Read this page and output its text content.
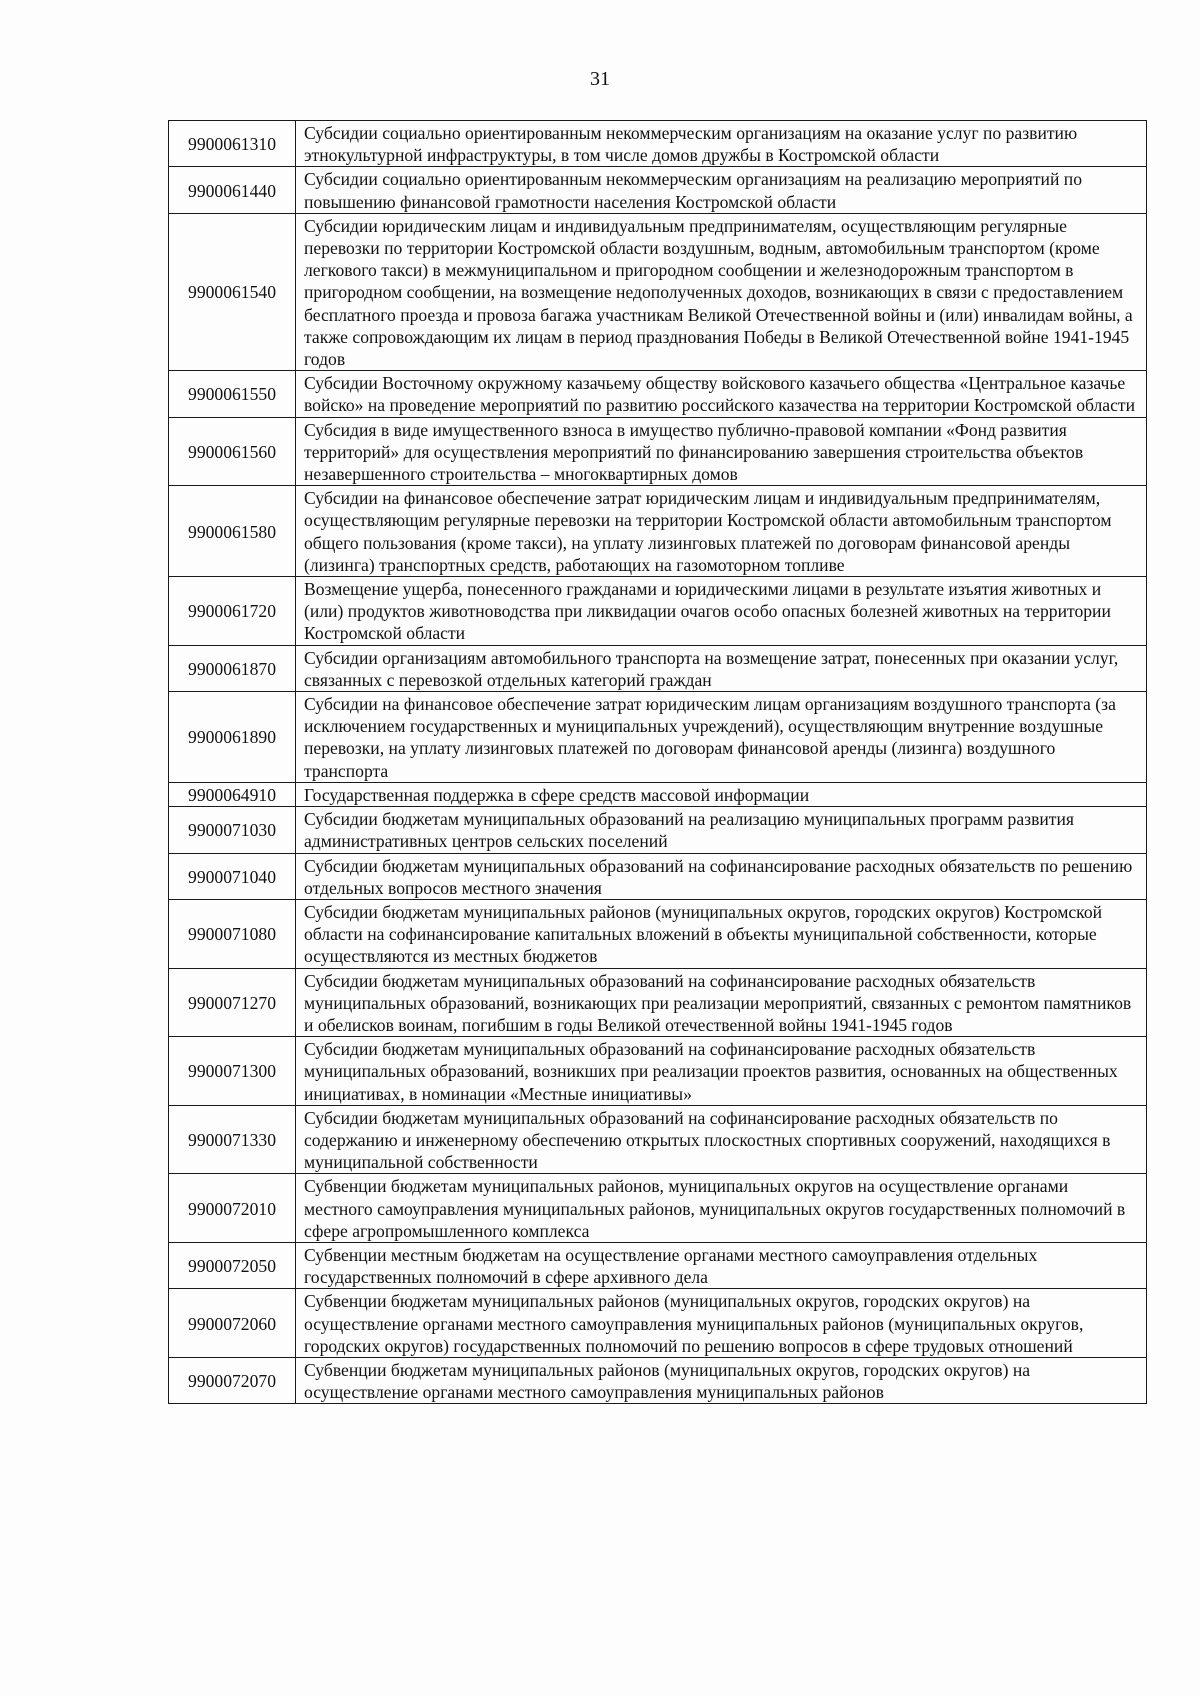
31
9900061310	Субсидии социально ориентированным некоммерческим организациям на оказание услуг по развитию этнокультурной инфраструктуры, в том числе домов дружбы в Костромской области
9900061440	Субсидии социально ориентированным некоммерческим организациям на реализацию мероприятий по повышению финансовой грамотности населения Костромской области
9900061540	Субсидии юридическим лицам и индивидуальным предпринимателям, осуществляющим регулярные перевозки по территории Костромской области воздушным, водным, автомобильным транспортом (кроме легкового такси) в межмуниципальном и пригородном сообщении и железнодорожным транспортом в пригородном сообщении, на возмещение недополученных доходов, возникающих в связи с предоставлением бесплатного проезда и провоза багажа участникам Великой Отечественной войны и (или) инвалидам войны, а также сопровождающим их лицам в период празднования Победы в Великой Отечественной войне 1941-1945 годов
9900061550	Субсидии Восточному окружному казачьему обществу войскового казачьего общества «Центральное казачье войско» на проведение мероприятий по развитию российского казачества на территории Костромской области
9900061560	Субсидия в виде имущественного взноса в имущество публично-правовой компании «Фонд развития территорий» для осуществления мероприятий по финансированию завершения строительства объектов незавершенного строительства – многоквартирных домов
9900061580	Субсидии на финансовое обеспечение затрат юридическим лицам и индивидуальным предпринимателям, осуществляющим регулярные перевозки на территории Костромской области автомобильным транспортом общего пользования (кроме такси), на уплату лизинговых платежей по договорам финансовой аренды (лизинга) транспортных средств, работающих на газомоторном топливе
9900061720	Возмещение ущерба, понесенного гражданами и юридическими лицами в результате изъятия животных и (или) продуктов животноводства при ликвидации очагов особо опасных болезней животных на территории Костромской области
9900061870	Субсидии организациям автомобильного транспорта на возмещение затрат, понесенных при оказании услуг, связанных с перевозкой отдельных категорий граждан
9900061890	Субсидии на финансовое обеспечение затрат юридическим лицам организациям воздушного транспорта (за исключением государственных и муниципальных учреждений), осуществляющим внутренние воздушные перевозки, на уплату лизинговых платежей по договорам финансовой аренды (лизинга) воздушного транспорта
9900064910	Государственная поддержка в сфере средств массовой информации
9900071030	Субсидии бюджетам муниципальных образований на реализацию муниципальных программ развития административных центров сельских поселений
9900071040	Субсидии бюджетам муниципальных образований на софинансирование расходных обязательств по решению отдельных вопросов местного значения
9900071080	Субсидии бюджетам муниципальных районов (муниципальных округов, городских округов) Костромской области на софинансирование капитальных вложений в объекты муниципальной собственности, которые осуществляются из местных бюджетов
9900071270	Субсидии бюджетам муниципальных образований на софинансирование расходных обязательств муниципальных образований, возникающих при реализации мероприятий, связанных с ремонтом памятников и обелисков воинам, погибшим в годы Великой отечественной войны 1941-1945 годов
9900071300	Субсидии бюджетам муниципальных образований на софинансирование расходных обязательств муниципальных образований, возникших при реализации проектов развития, основанных на общественных инициативах, в номинации «Местные инициативы»
9900071330	Субсидии бюджетам муниципальных образований на софинансирование расходных обязательств по содержанию и инженерному обеспечению открытых плоскостных спортивных сооружений, находящихся в муниципальной собственности
9900072010	Субвенции бюджетам муниципальных районов, муниципальных округов на осуществление органами местного самоуправления муниципальных районов, муниципальных округов государственных полномочий в сфере агропромышленного комплекса
9900072050	Субвенции местным бюджетам на осуществление органами местного самоуправления отдельных государственных полномочий в сфере архивного дела
9900072060	Субвенции бюджетам муниципальных районов (муниципальных округов, городских округов) на осуществление органами местного самоуправления муниципальных районов (муниципальных округов, городских округов) государственных полномочий по решению вопросов в сфере трудовых отношений
9900072070	Субвенции бюджетам муниципальных районов (муниципальных округов, городских округов) на осуществление органами местного самоуправления муниципальных районов
